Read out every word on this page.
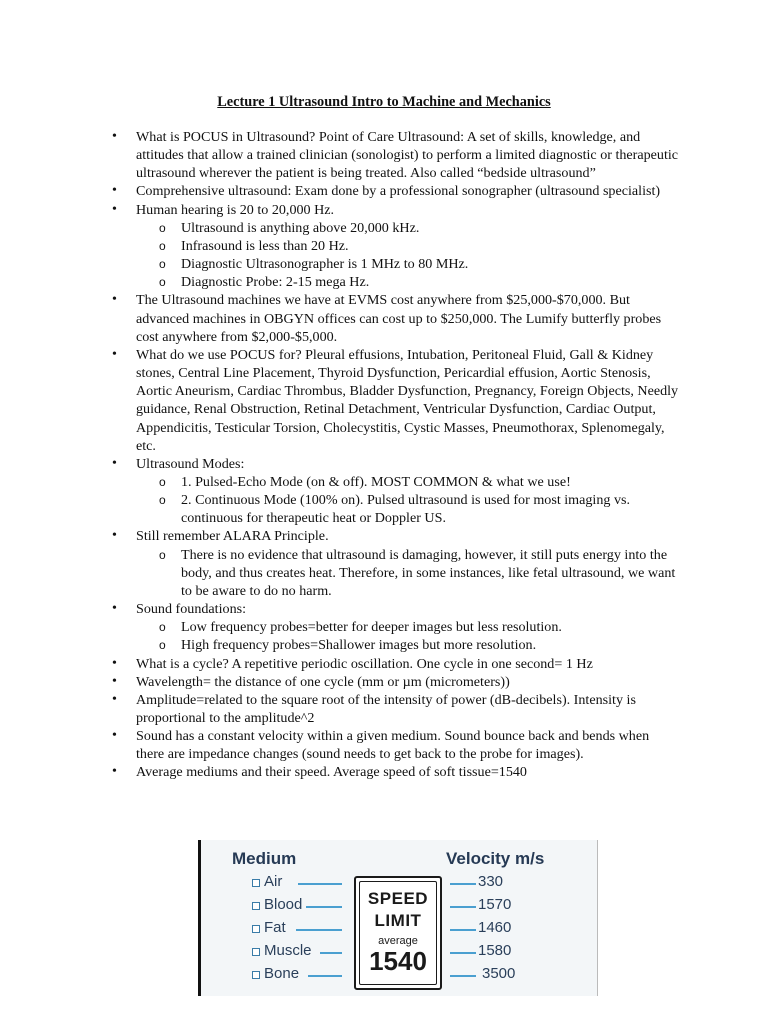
Lecture 1 Ultrasound Intro to Machine and Mechanics
• What is POCUS in Ultrasound? Point of Care Ultrasound: A set of skills, knowledge, and attitudes that allow a trained clinician (sonologist) to perform a limited diagnostic or therapeutic ultrasound wherever the patient is being treated. Also called “bedside ultrasound”
• Comprehensive ultrasound: Exam done by a professional sonographer (ultrasound specialist)
• Human hearing is 20 to 20,000 Hz.
o Ultrasound is anything above 20,000 kHz.
o Infrasound is less than 20 Hz.
o Diagnostic Ultrasonographer is 1 MHz to 80 MHz.
o Diagnostic Probe: 2-15 mega Hz.
• The Ultrasound machines we have at EVMS cost anywhere from $25,000-$70,000. But advanced machines in OBGYN offices can cost up to $250,000. The Lumify butterfly probes cost anywhere from $2,000-$5,000.
• What do we use POCUS for? Pleural effusions, Intubation, Peritoneal Fluid, Gall & Kidney stones, Central Line Placement, Thyroid Dysfunction, Pericardial effusion, Aortic Stenosis, Aortic Aneurism, Cardiac Thrombus, Bladder Dysfunction, Pregnancy, Foreign Objects, Needly guidance, Renal Obstruction, Retinal Detachment, Ventricular Dysfunction, Cardiac Output, Appendicitis, Testicular Torsion, Cholecystitis, Cystic Masses, Pneumothorax, Splenomegaly, etc.
• Ultrasound Modes:
o 1. Pulsed-Echo Mode (on & off). MOST COMMON & what we use!
o 2. Continuous Mode (100% on). Pulsed ultrasound is used for most imaging vs. continuous for therapeutic heat or Doppler US.
• Still remember ALARA Principle.
o There is no evidence that ultrasound is damaging, however, it still puts energy into the body, and thus creates heat. Therefore, in some instances, like fetal ultrasound, we want to be aware to do no harm.
• Sound foundations:
o Low frequency probes=better for deeper images but less resolution.
o High frequency probes=Shallower images but more resolution.
• What is a cycle? A repetitive periodic oscillation. One cycle in one second= 1 Hz
• Wavelength= the distance of one cycle (mm or µm (micrometers))
• Amplitude=related to the square root of the intensity of power (dB-decibels). Intensity is proportional to the amplitude^2
• Sound has a constant velocity within a given medium. Sound bounce back and bends when there are impedance changes (sound needs to get back to the probe for images).
• Average mediums and their speed. Average speed of soft tissue=1540
Medium	Velocity m/s
Air	330
Blood	1570
Fat	1460
Muscle	1580
Bone	3500
SPEED
LIMIT
average
1540
